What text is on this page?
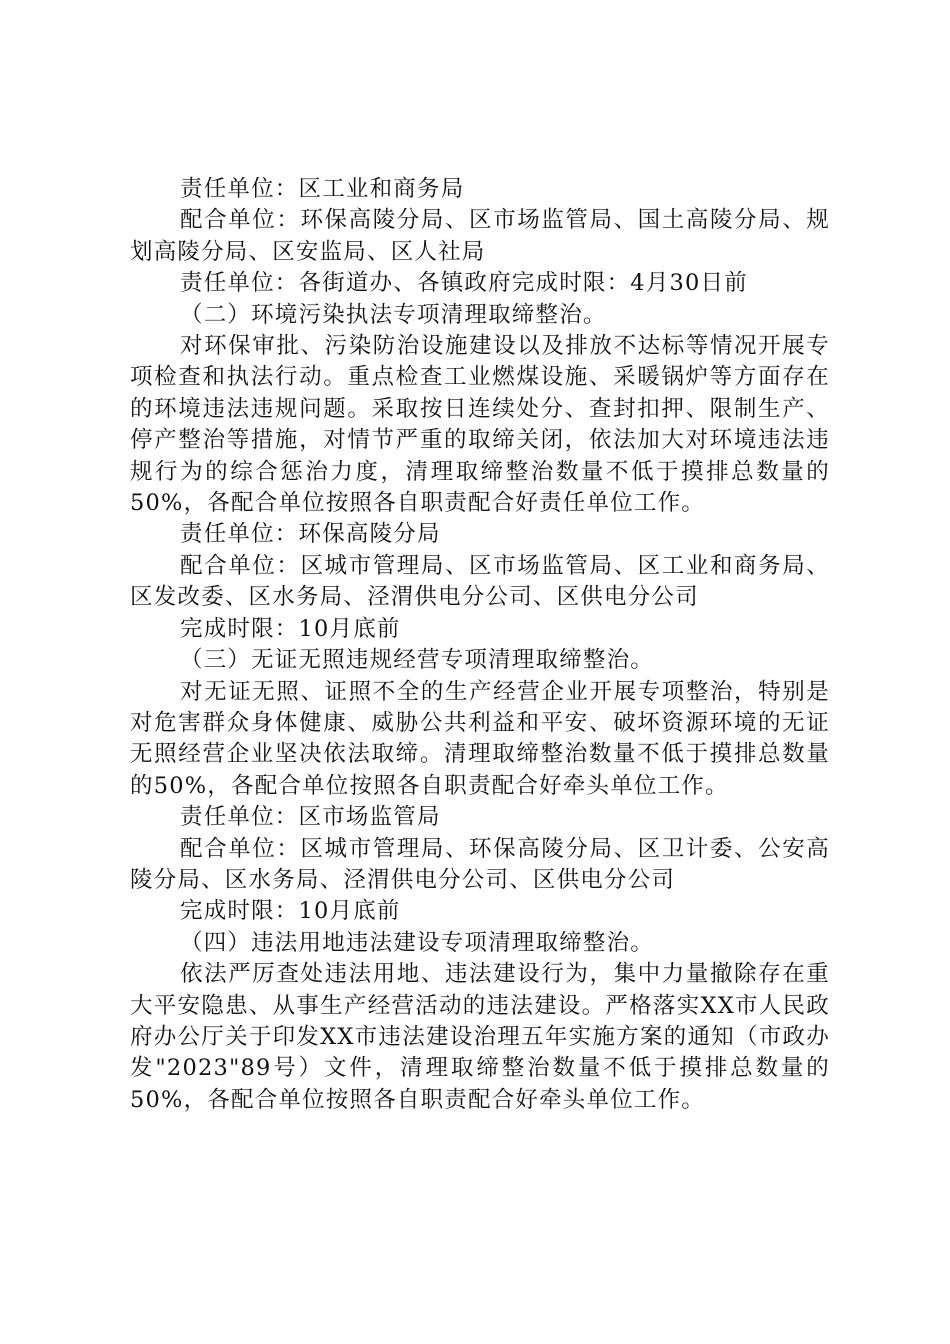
责任单位：区工业和商务局

配合单位：环保高陵分局、区市场监管局、国土高陵分局、规划高陵分局、区安监局、区人社局

责任单位：各街道办、各镇政府完成时限：4月30日前

（二）环境污染执法专项清理取缔整治。

对环保审批、污染防治设施建设以及排放不达标等情况开展专项检查和执法行动。重点检查工业燃煤设施、采暖锅炉等方面存在的环境违法违规问题。采取按日连续处分、查封扣押、限制生产、停产整治等措施，对情节严重的取缔关闭，依法加大对环境违法违规行为的综合惩治力度，清理取缔整治数量不低于摸排总数量的50%，各配合单位按照各自职责配合好责任单位工作。

责任单位：环保高陵分局

配合单位：区城市管理局、区市场监管局、区工业和商务局、区发改委、区水务局、泾渭供电分公司、区供电分公司

完成时限：10月底前

（三）无证无照违规经营专项清理取缔整治。

对无证无照、证照不全的生产经营企业开展专项整治，特别是对危害群众身体健康、威胁公共利益和平安、破坏资源环境的无证无照经营企业坚决依法取缔。清理取缔整治数量不低于摸排总数量的50%，各配合单位按照各自职责配合好牵头单位工作。

责任单位：区市场监管局

配合单位：区城市管理局、环保高陵分局、区卫计委、公安高陵分局、区水务局、泾渭供电分公司、区供电分公司

完成时限：10月底前

（四）违法用地违法建设专项清理取缔整治。

依法严厉查处违法用地、违法建设行为，集中力量撤除存在重大平安隐患、从事生产经营活动的违法建设。严格落实XX市人民政府办公厅关于印发XX市违法建设治理五年实施方案的通知（市政办发"2023"89号）文件，清理取缔整治数量不低于摸排总数量的50%，各配合单位按照各自职责配合好牵头单位工作。
